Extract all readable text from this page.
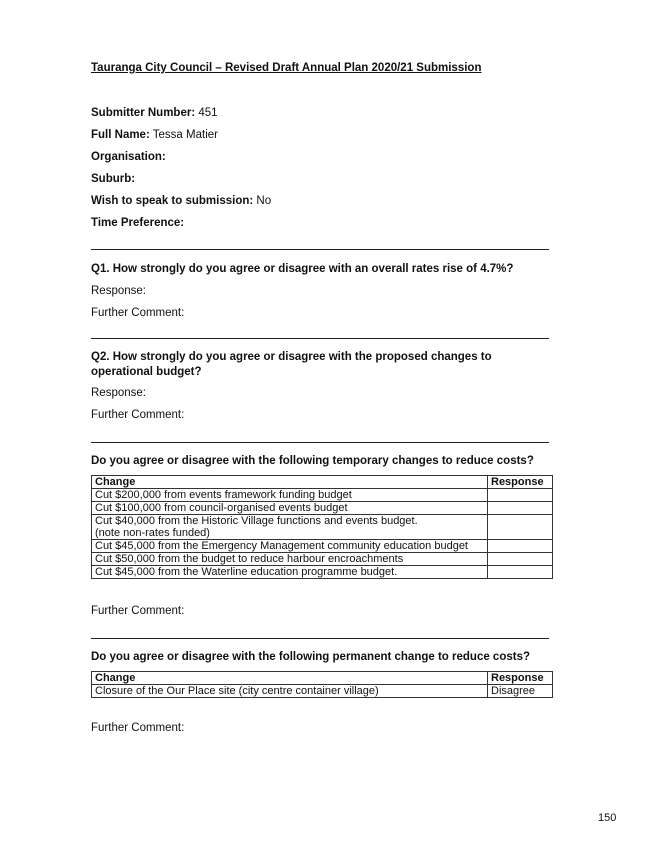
Tauranga City Council – Revised Draft Annual Plan 2020/21 Submission
Submitter Number: 451
Full Name: Tessa Matier
Organisation:
Suburb:
Wish to speak to submission: No
Time Preference:
Q1. How strongly do you agree or disagree with an overall rates rise of 4.7%?
Response:
Further Comment:
Q2. How strongly do you agree or disagree with the proposed changes to operational budget?
Response:
Further Comment:
Do you agree or disagree with the following temporary changes to reduce costs?
Change	Response
Cut $200,000 from events framework funding budget	
Cut $100,000 from council-organised events budget	
Cut $40,000 from the Historic Village functions and events budget.
(note non-rates funded)	
Cut $45,000 from the Emergency Management community education budget	
Cut $50,000 from the budget to reduce harbour encroachments	
Cut $45,000 from the Waterline education programme budget.	
Further Comment:
Do you agree or disagree with the following permanent change to reduce costs?
Change	Response
Closure of the Our Place site (city centre container village)	Disagree
Further Comment:
150
